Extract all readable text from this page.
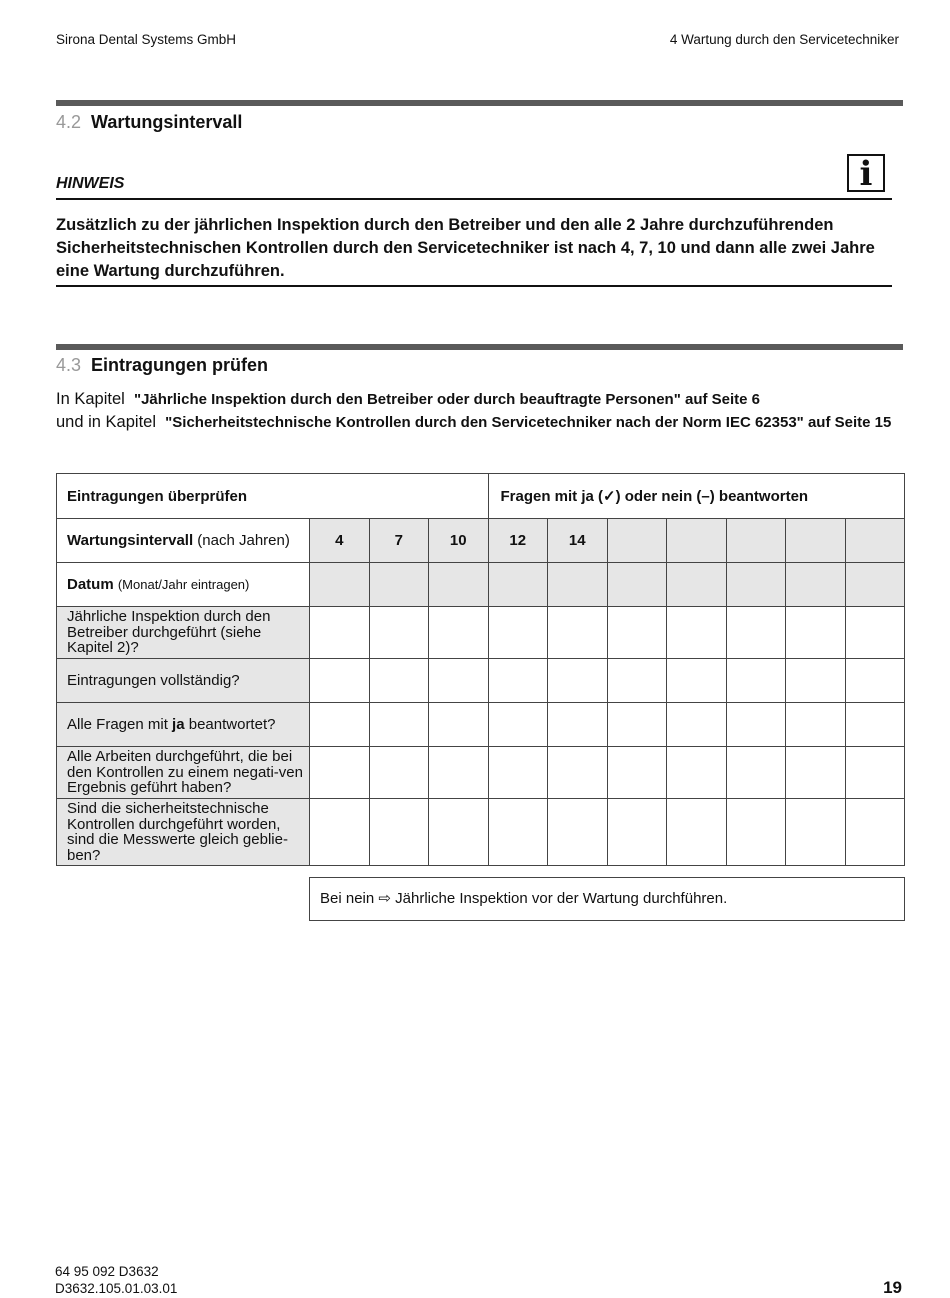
Sirona Dental Systems GmbH	4 Wartung durch den Servicetechniker
4.2 Wartungsintervall
HINWEIS	i
Zusätzlich zu der jährlichen Inspektion durch den Betreiber und den alle 2 Jahre durchzuführenden Sicherheitstechnischen Kontrollen durch den Servicetechniker ist nach 4, 7, 10 und dann alle zwei Jahre eine Wartung durchzuführen.
4.3 Eintragungen prüfen
In Kapitel "Jährliche Inspektion durch den Betreiber oder durch beauftragte Personen" auf Seite 6
und in Kapitel "Sicherheitstechnische Kontrollen durch den Servicetechniker nach der Norm IEC 62353" auf Seite 15
Eintragungen überprüfen				Fragen mit ja (✓) oder nein (–) beantworten						
Wartungsintervall (nach Jahren)	4	7	10	12	14					
Datum (Monat/Jahr eintragen)										
Jährliche Inspektion durch den Betreiber durchgeführt (siehe Kapitel 2)?										
Eintragungen vollständig?										
Alle Fragen mit ja beantwortet?										
Alle Arbeiten durchgeführt, die bei den Kontrollen zu einem negati-ven Ergebnis geführt haben?										
Sind die sicherheitstechnische Kontrollen durchgeführt worden, sind die Messwerte gleich geblie-ben?										
Bei nein ⇨ Jährliche Inspektion vor der Wartung durchführen.
64 95 092 D3632
D3632.105.01.03.01	19
